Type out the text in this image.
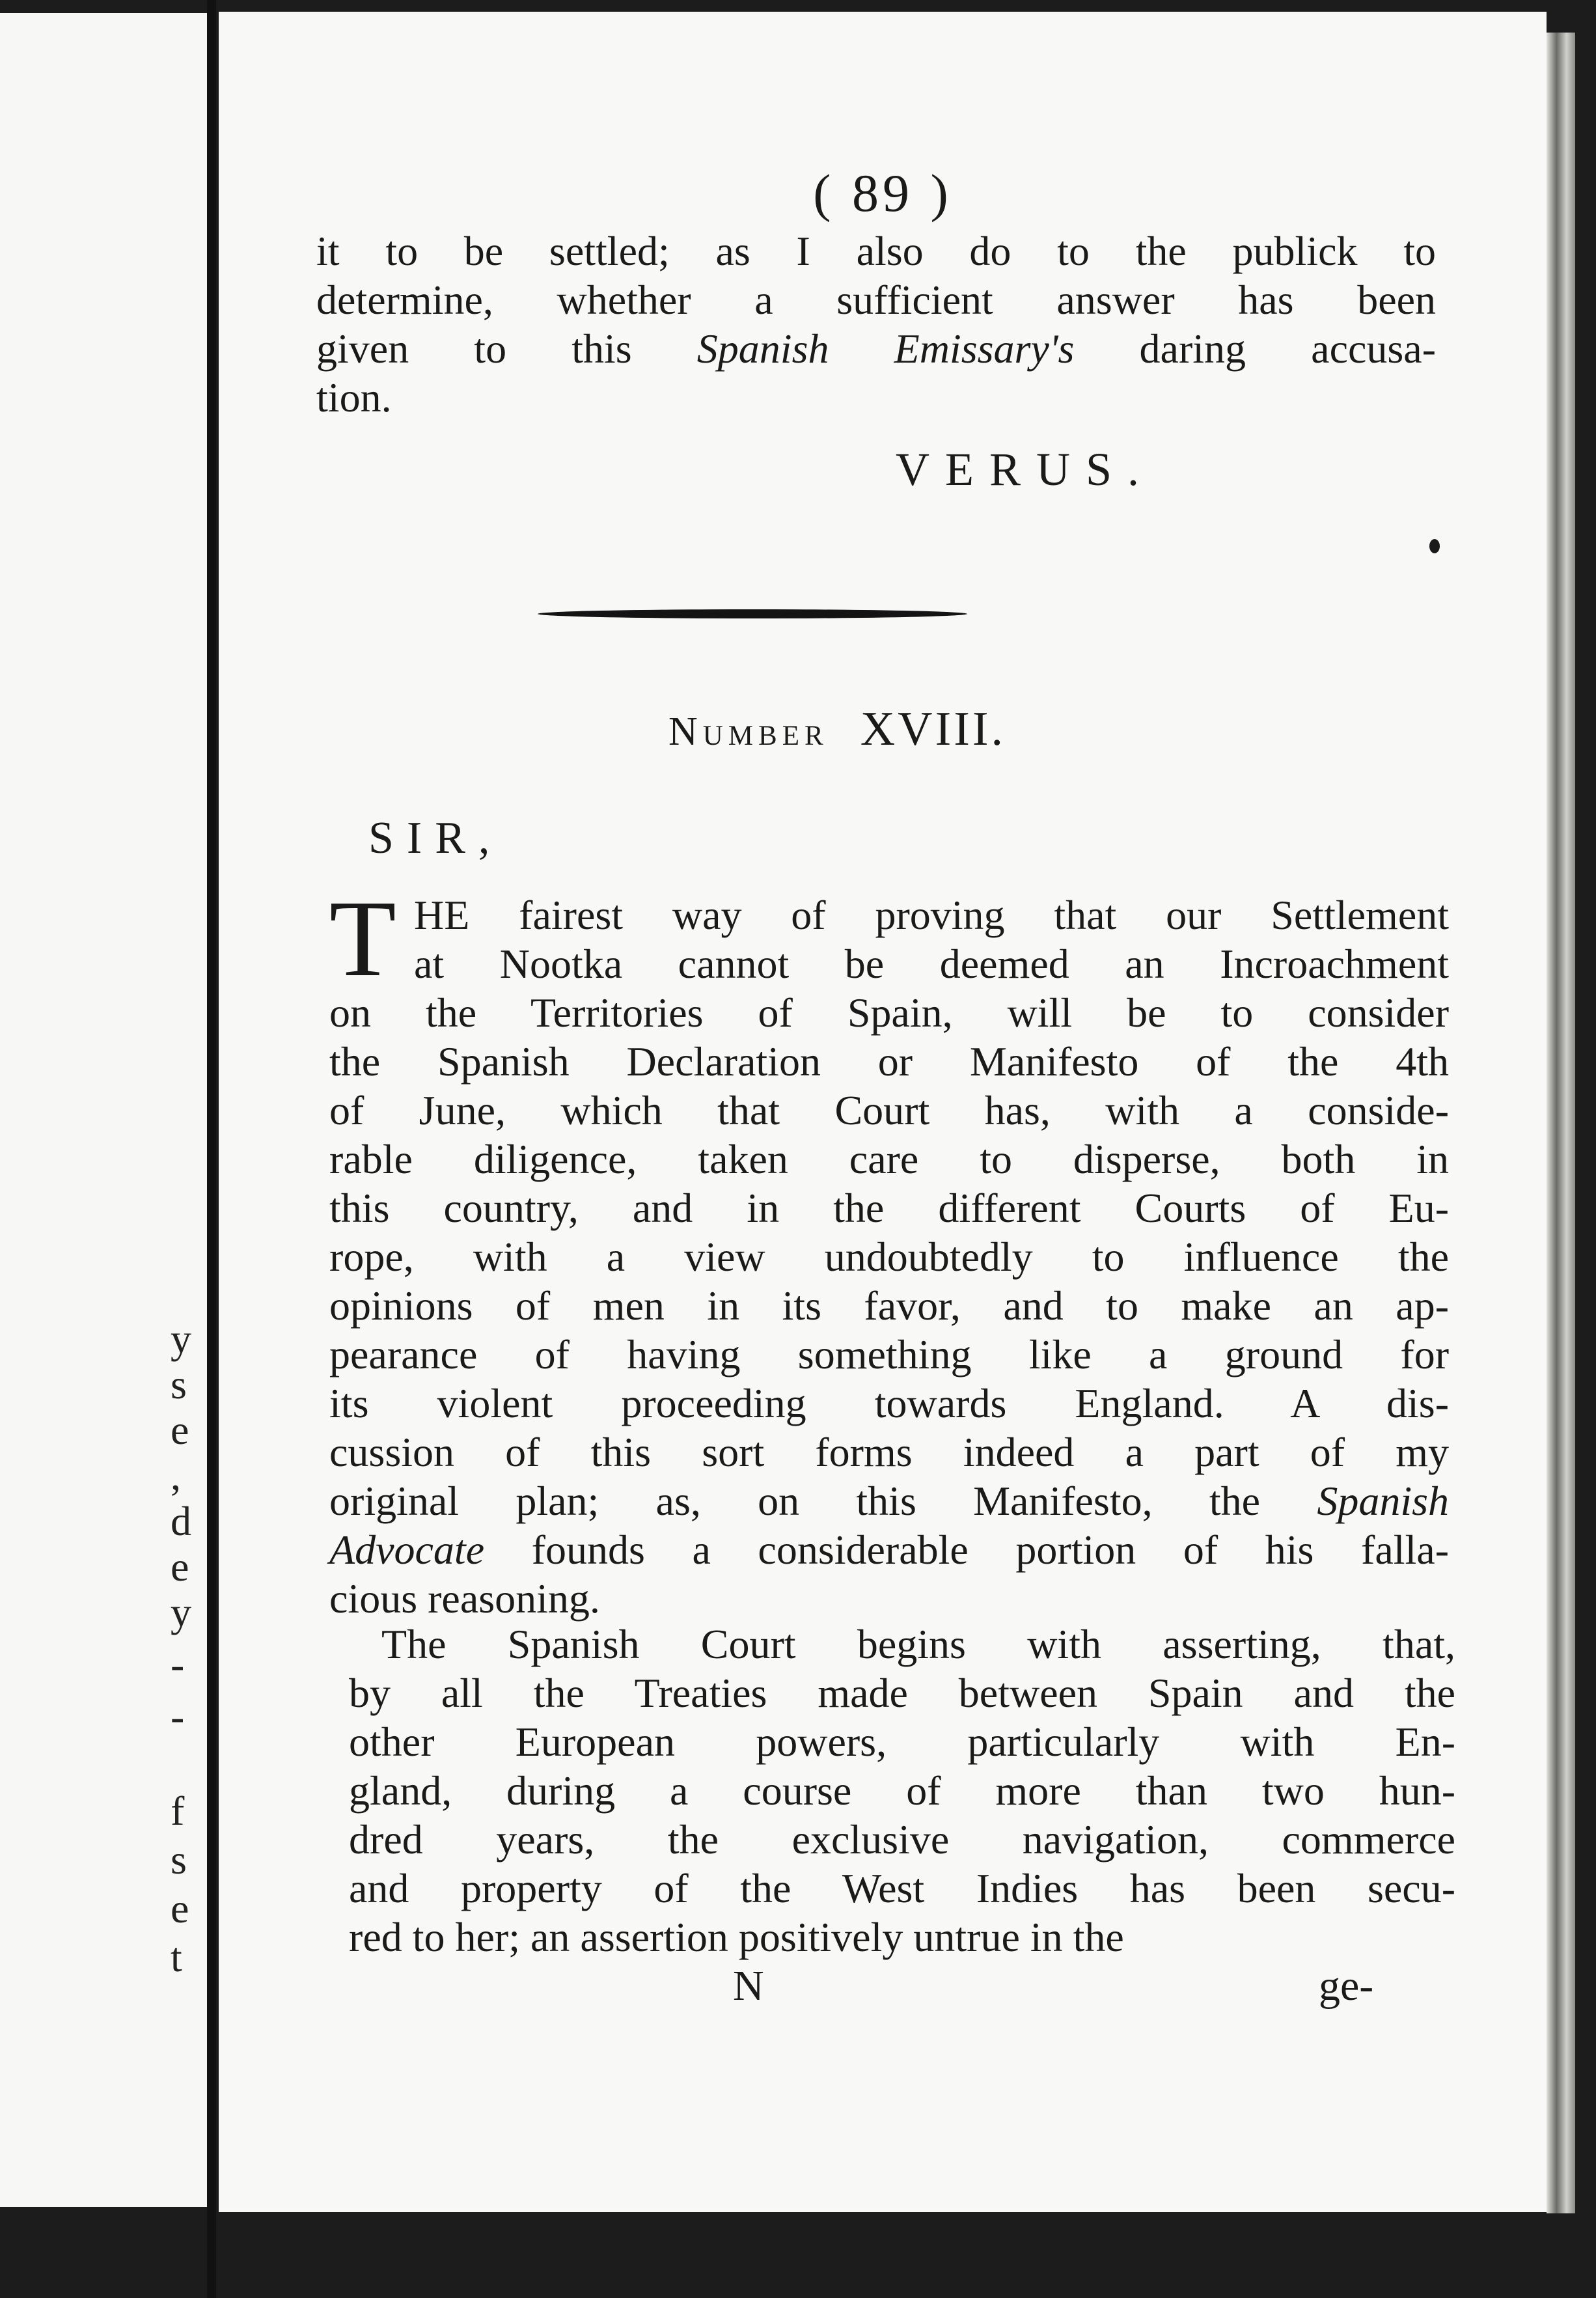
y
s
e
,
d
e
y
-
-
f
s
e
t
( 89 )
it to be settled; as I also do to the publick to
determine, whether a sufficient answer has been
given to this Spanish Emissary's daring accusa-
tion.
VERUS.
Number XVIII.
SIR,
T HE fairest way of proving that our Settlement
at Nootka cannot be deemed an Incroachment
on the Territories of Spain, will be to consider
the Spanish Declaration or Manifesto of the 4th
of June, which that Court has, with a conside-
rable diligence, taken care to disperse, both in
this country, and in the different Courts of Eu-
rope, with a view undoubtedly to influence the
opinions of men in its favor, and to make an ap-
pearance of having something like a ground for
its violent proceeding towards England. A dis-
cussion of this sort forms indeed a part of my
original plan; as, on this Manifesto, the Spanish
Advocate founds a considerable portion of his falla-
cious reasoning.
The Spanish Court begins with asserting, that,
by all the Treaties made between Spain and the
other European powers, particularly with En-
gland, during a course of more than two hun-
dred years, the exclusive navigation, commerce
and property of the West Indies has been secu-
red to her; an assertion positively untrue in the
N	ge-
